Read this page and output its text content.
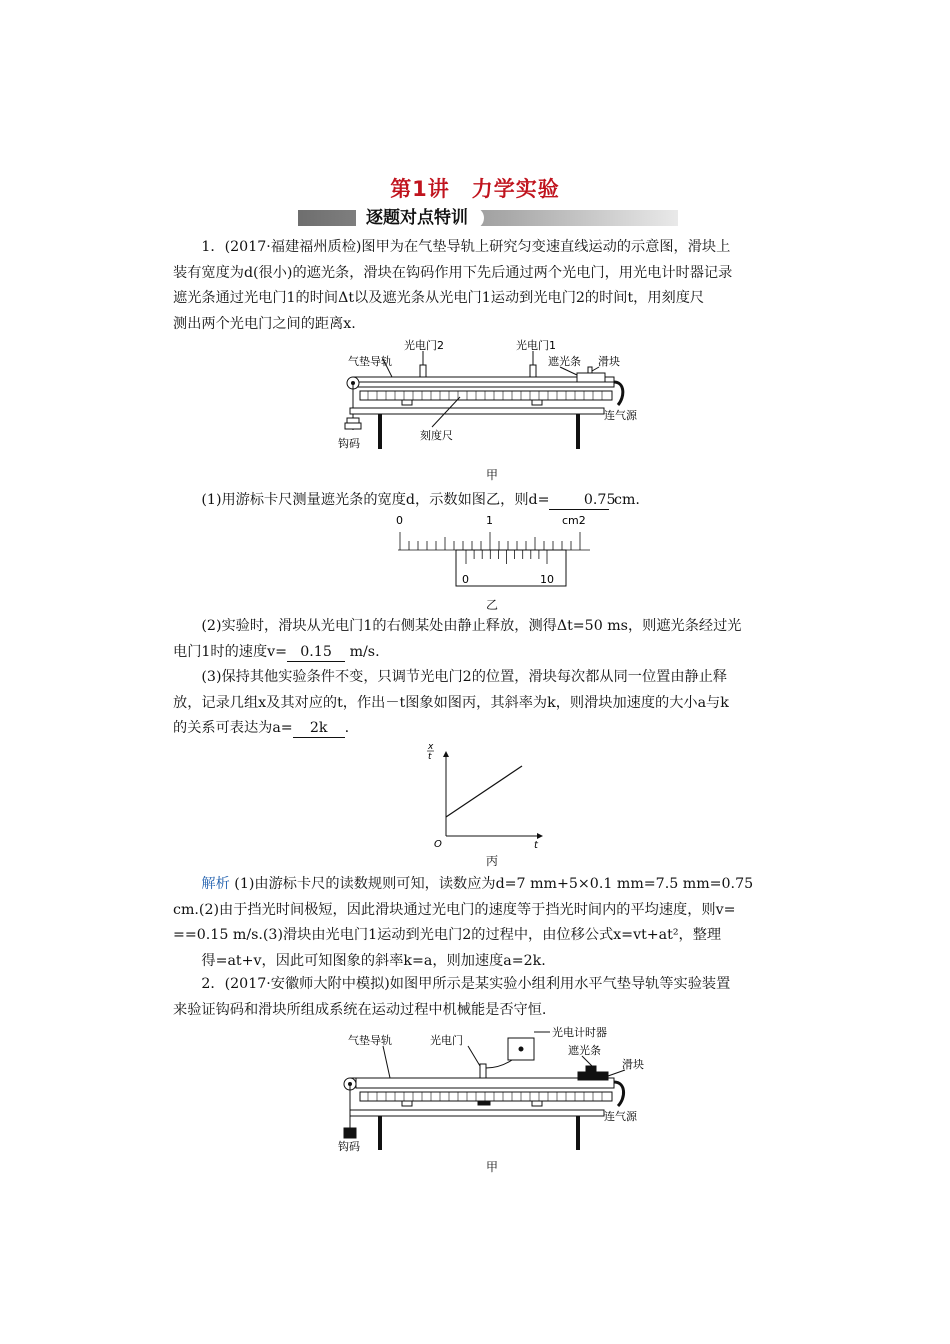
第1讲　力学实验
逐题对点特训
1．(2017·福建福州质检)图甲为在气垫导轨上研究匀变速直线运动的示意图，滑块上
装有宽度为d(很小)的遮光条，滑块在钩码作用下先后通过两个光电门，用光电计时器记录
遮光条通过光电门1的时间Δt以及遮光条从光电门1运动到光电门2的时间t，用刻度尺
测出两个光电门之间的距离x.
气垫导轨
光电门2	光电门1
遮光条 滑块
连气源
刻度尺
钩码
甲
(1)用游标卡尺测量遮光条的宽度d，示数如图乙，则d= 0.75 cm.
0	1	cm2
0	10
乙
(2)实验时，滑块从光电门1的右侧某处由静止释放，测得Δt=50 ms，则遮光条经过光
电门1时的速度v= 0.15 m/s.
(3)保持其他实验条件不变，只调节光电门2的位置，滑块每次都从同一位置由静止释
放，记录几组x及其对应的t，作出－t图象如图丙，其斜率为k，则滑块加速度的大小a与k
的关系可表达为a= 2k .
x
t
t
O
丙
解析 (1)由游标卡尺的读数规则可知，读数应为d=7 mm+5×0.1 mm=7.5 mm=0.75
cm.(2)由于挡光时间极短，因此滑块通过光电门的速度等于挡光时间内的平均速度，则v=
==0.15 m/s.(3)滑块由光电门1运动到光电门2的过程中，由位移公式x=vt+at²，整理
得=at+v，因此可知图象的斜率k=a，则加速度a=2k.
2．(2017·安徽师大附中模拟)如图甲所示是某实验小组利用水平气垫导轨等实验装置
来验证钩码和滑块所组成系统在运动过程中机械能是否守恒.
气垫导轨	光电门
光电计时器
遮光条
滑块
连气源
钩码
甲
